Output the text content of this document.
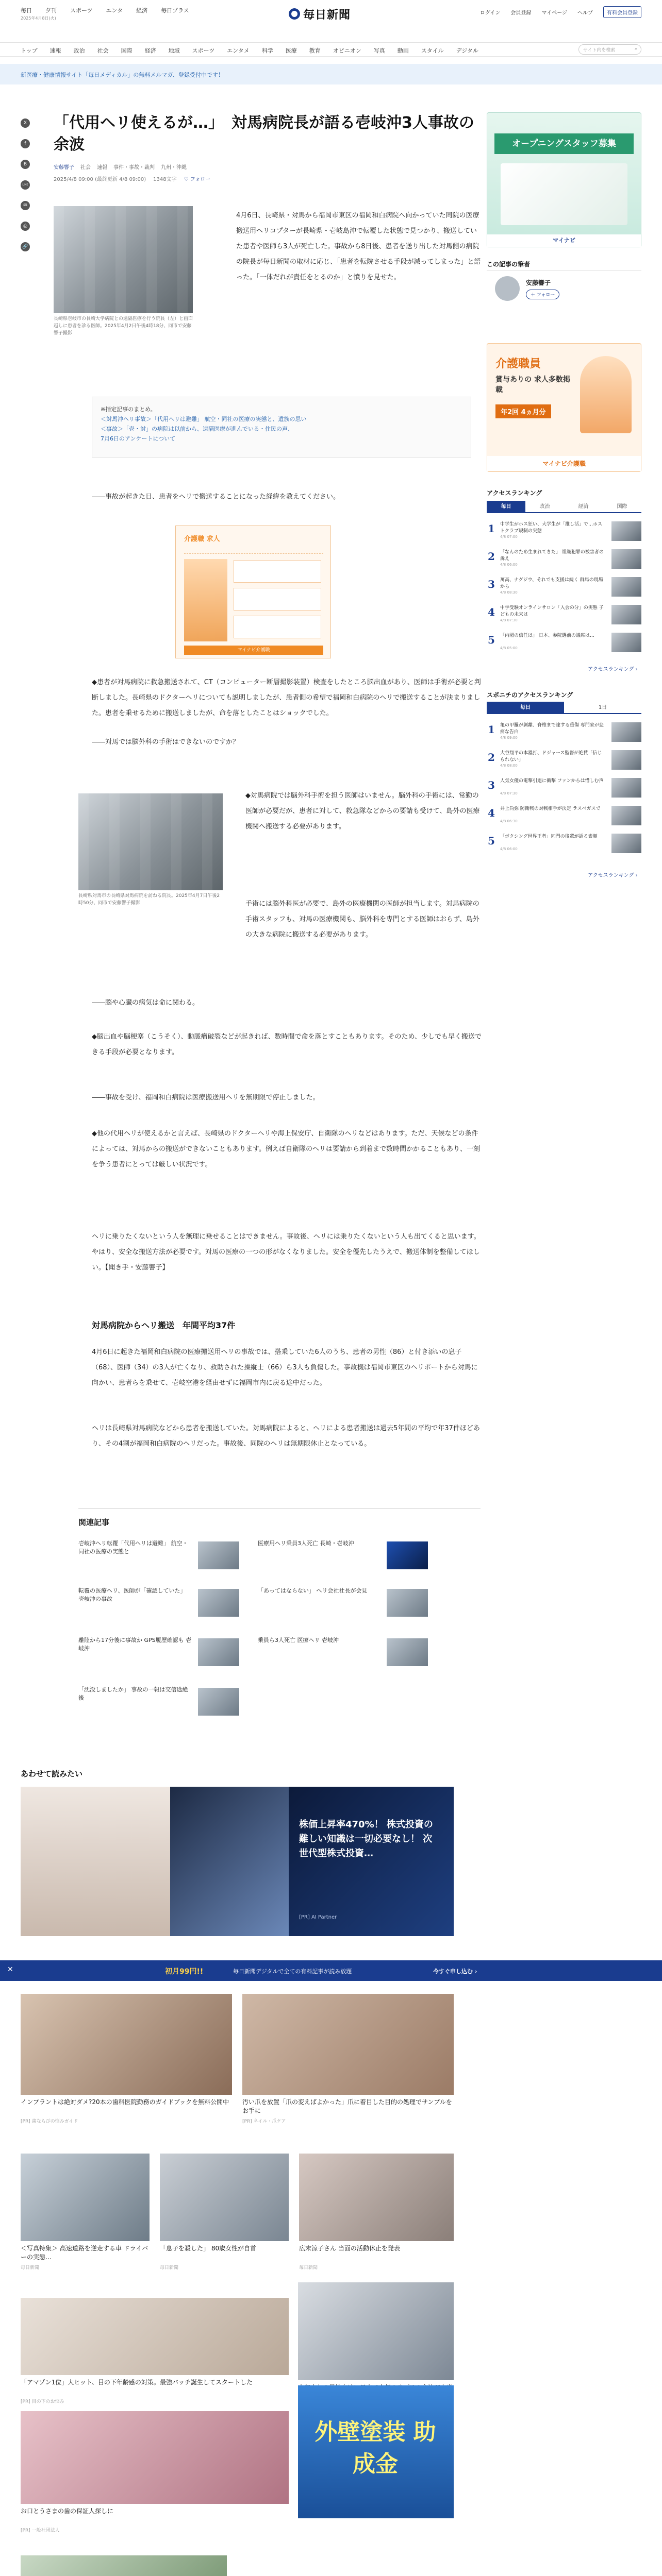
毎日 夕刊 スポーツ エンタ 経済 毎日プラス
2025年4月8日(火)
ログイン 会員登録 マイページ ヘルプ	有料会員登録
毎日新聞
トップ 速報 政治 社会 国際 経済 地域 スポーツ エンタメ 科学 医療 教育 オピニオン 写真 動画 スタイル デジタル	サイト内を検索	⌕
新医療・健康情報サイト「毎日メディカル」の無料メルマガ、登録受付中です！
X
f
B
LINE
✉
⎙
🔗
「代用ヘリ使えるが…」　対馬病院長が語る壱岐沖3人事故の余波
安藤響子 社会 速報 事件・事故・裁判 九州・沖縄
2025/4/8 09:00 (最終更新 4/8 09:00) 1348文字 ♡ フォロー
長崎県壱岐市の長崎大学病院との遠隔医療を行う院長（左）と画面越しに患者を診る医師。2025年4月2日午後4時18分、同市で安藤響子撮影
4月6日、長崎県・対馬から福岡市東区の福岡和白病院へ向かっていた同院の医療搬送用ヘリコプターが長崎県・壱岐島沖で転覆した状態で見つかり、搬送していた患者や医師ら3人が死亡した。事故から8日後、患者を送り出した対馬側の病院の院長が毎日新聞の取材に応じ、「患者を転院させる手段が減ってしまった」と語った。「一体だれが責任をとるのか」と憤りを見せた。
※指定記事のまとめ。
＜対馬沖ヘリ事故＞「代用ヘリは避難」 航空・同社の医療の実態と、遺族の思い
＜事故＞「壱・対」の病院は以前から、遠隔医療が進んでいる・住民の声、
7月6日のアンケートについて
――事故が起きた日、患者をヘリで搬送することになった経緯を教えてください。
介護職 求人
マイナビ介護職
◆患者が対馬病院に救急搬送されて、CT（コンピューター断層撮影装置）検査をしたところ脳出血があり、医師は手術が必要と判断しました。長崎県のドクターヘリについても説明しましたが、患者側の希望で福岡和白病院のヘリで搬送することが決まりました。患者を乗せるために搬送しましたが、命を落としたことはショックでした。
――対馬では脳外科の手術はできないのですか？
長崎県対馬市の長崎県対馬病院を訪ねる院長。2025年4月7日午後2時50分、同市で安藤響子撮影
◆対馬病院では脳外科手術を担う医師はいません。脳外科の手術には、常勤の医師が必要だが、患者に対して、救急隊などからの要請も受けて、島外の医療機関へ搬送する必要があります。
手術には脳外科医が必要で、島外の医療機関の医師が担当します。対馬病院の手術スタッフも、対馬の医療機関も、脳外科を専門とする医師はおらず、島外の大きな病院に搬送する必要があります。
――脳や心臓の病気は命に関わる。
◆脳出血や脳梗塞（こうそく）、動脈瘤破裂などが起きれば、数時間で命を落とすこともあります。そのため、少しでも早く搬送できる手段が必要となります。
――事故を受け、福岡和白病院は医療搬送用ヘリを無期限で停止しました。
◆他の代用ヘリが使えるかと言えば、長崎県のドクターヘリや海上保安庁、自衛隊のヘリなどはあります。ただ、天候などの条件によっては、対馬からの搬送ができないこともあります。例えば自衛隊のヘリは要請から到着まで数時間かかることもあり、一刻を争う患者にとっては厳しい状況です。
ヘリに乗りたくないという人を無理に乗せることはできません。事故後、ヘリには乗りたくないという人も出てくると思います。やはり、安全な搬送方法が必要です。対馬の医療の一つの形がなくなりました。安全を優先したうえで、搬送体制を整備してほしい。【聞き手・安藤響子】
対馬病院からヘリ搬送　年間平均37件
4月6日に起きた福岡和白病院の医療搬送用ヘリの事故では、搭乗していた6人のうち、患者の男性（86）と付き添いの息子（68）、医師（34）の3人が亡くなり、救助された操縦士（66）ら3人も負傷した。事故機は福岡市東区のヘリポートから対馬に向かい、患者らを乗せて、壱岐空港を経由せずに福岡市内に戻る途中だった。
ヘリは長崎県対馬病院などから患者を搬送していた。対馬病院によると、ヘリによる患者搬送は過去5年間の平均で年37件ほどあり、その4割が福岡和白病院のヘリだった。事故後、同院のヘリは無期限休止となっている。
関連記事
壱岐沖ヘリ転覆「代用ヘリは避難」 航空・同社の医療の実態と
医療用ヘリ乗員3人死亡 長崎・壱岐沖
転覆の医療ヘリ、医師が「確認していた」 壱岐沖の事故
「あってはならない」 ヘリ会社社長が会見
離陸から17分後に事故か GPS履歴確認も 壱岐沖
乗員ら3人死亡 医療ヘリ 壱岐沖
「沈没しましたか」 事故の一報は交信途絶後
オープニングスタッフ募集
マイナビ
この記事の筆者
安藤響子
＋ フォロー
介護職員
賞与ありの 求人多数掲載
年2回 4ヵ月分
マイナビ介護職
アクセスランキング
毎日	政治	経済	国際
1 中学生がホス狂い、大学生が「推し活」で…ホストクラブ規制の実態
4/8 07:00
2 「なんのため生まれてきた」 組織犯罪の被害者の訴え
4/8 06:00
3 萬高、ナグジウ、それでも支援は続く 群馬の現場から
4/8 08:30
4 中学受験オンラインサロン「入会の分」の実態 子どもの未来は
4/8 07:30
5 「内閣の信任は」 日本、参院選前の議席は…
4/8 05:00
アクセスランキング ›
スポニチのアクセスランキング
毎日	1日
1 亀の甲羅が剝離、脊椎まで達する重傷 専門家が悲痛な告白
4/8 09:00
2 大谷翔平の本塁打、ドジャース監督が絶賛「信じられない」
4/8 08:00
3 人気女優の電撃引退に衝撃 ファンからは惜しむ声
4/8 07:30
4 井上尚弥 防衛戦の対戦相手が決定 ラスベガスで
4/8 06:30
5 「ボクシング世界王者」同門の後輩が語る素顔
4/8 06:00
アクセスランキング ›
あわせて読みたい
株価上昇率470%！ 株式投資の難しい知識は一切必要なし！ 次世代型株式投資…
[PR] AI Partner
✕	初月99円!!	毎日新聞デジタルで全ての有料記事が読み放題	今すぐ申し込む ›
インプラントは絶対ダメ?20本の歯科医院勤務のガイドブックを無料公開中
[PR] 歯ならびの悩みガイド
汚い爪を放置「爪の変えばよかった」爪に着目した目的の処理でサンプルをお手に
[PR] ネイル・爪ケア
＜写真特集＞ 高速道路を逆走する車 ドライバーの実態…
毎日新聞
「息子を殺した」 80歳女性が自首
毎日新聞
広末涼子さん 当面の活動休止を発表
毎日新聞
「アマゾン1位」大ヒット、目の下年齢感の対策。最強バッチ誕生してスタートした
[PR] 目の下のお悩み
お口とうさまの歯の保証人探しに
[PR] 一般社団法人
外壁塗装 助成金
